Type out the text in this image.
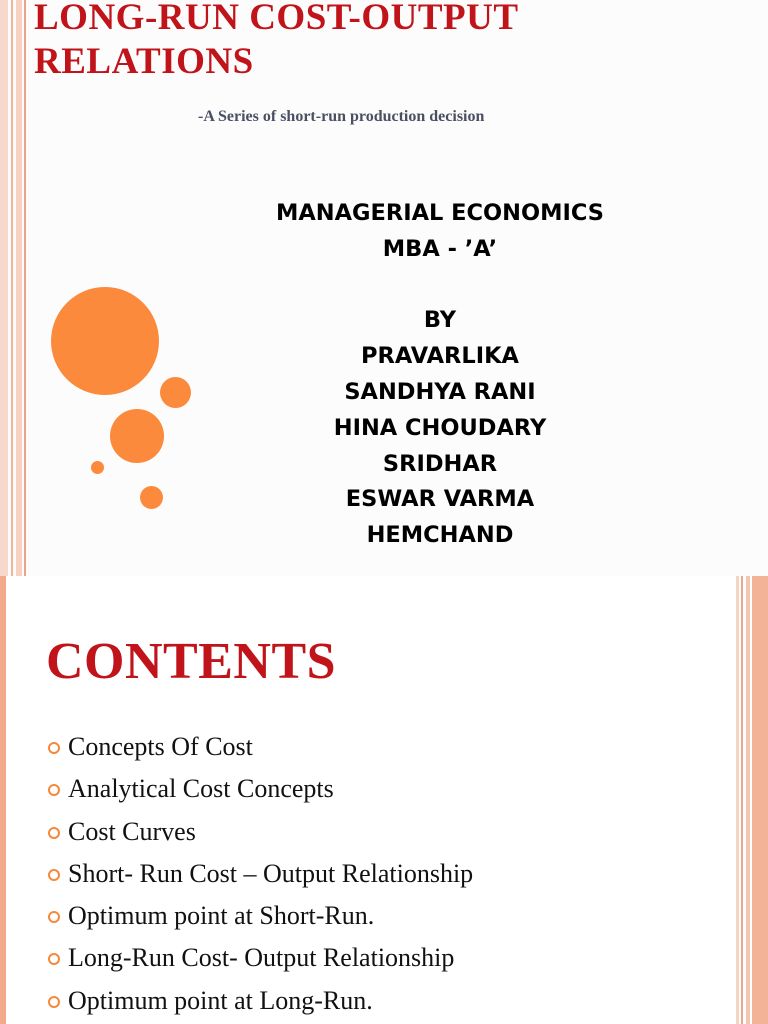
LONG-RUN COST-OUTPUT
RELATIONS
-A Series of short-run production decision
MANAGERIAL ECONOMICS
MBA - ’A’
BY
PRAVARLIKA
SANDHYA RANI
HINA CHOUDARY
SRIDHAR
ESWAR VARMA
HEMCHAND
CONTENTS
Concepts Of Cost
Analytical Cost Concepts
Cost Curves
Short- Run Cost – Output Relationship
Optimum point at Short-Run.
Long-Run Cost- Output Relationship
Optimum point at Long-Run.
